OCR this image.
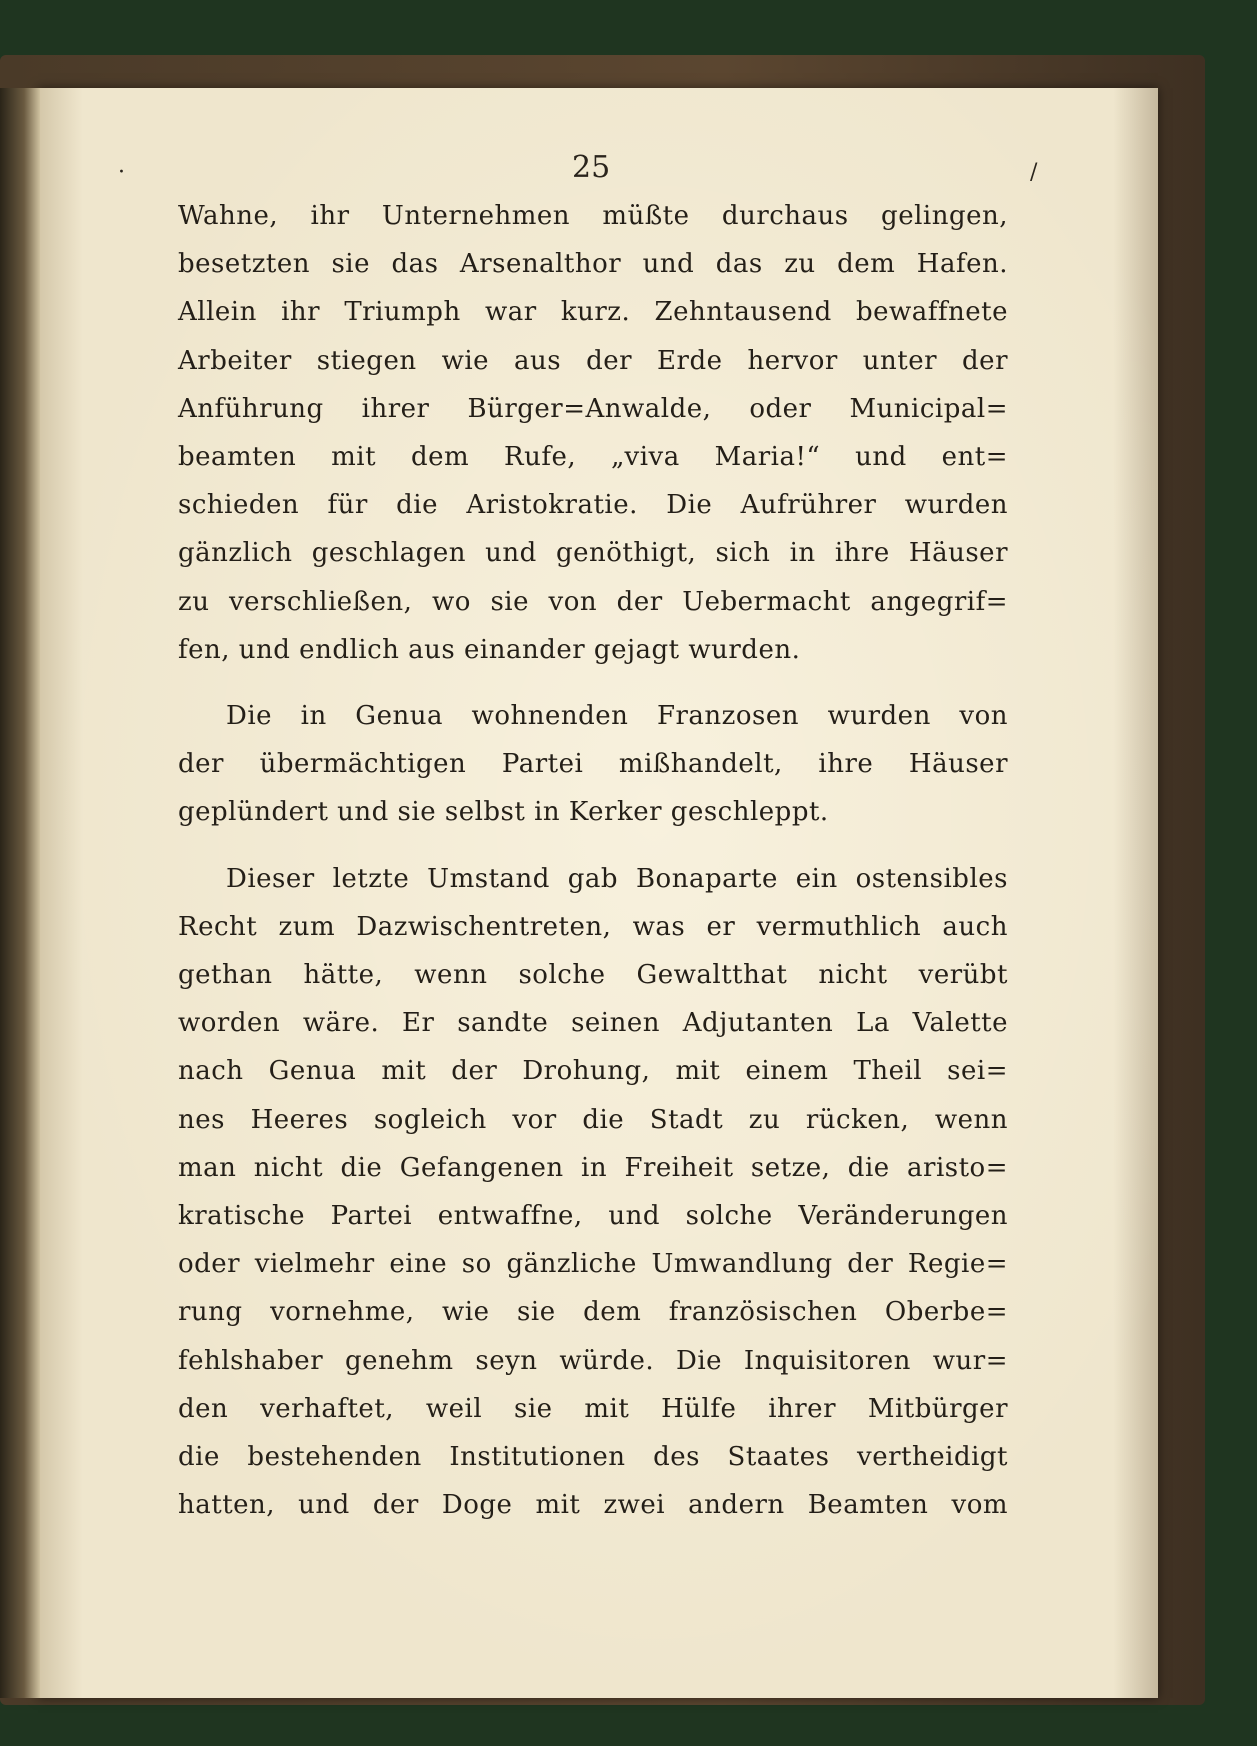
·	/
25
Wahne, ihr Unternehmen müßte durchaus gelingen,
besetzten sie das Arsenalthor und das zu dem Hafen.
Allein ihr Triumph war kurz. Zehntausend bewaffnete
Arbeiter stiegen wie aus der Erde hervor unter der
Anführung ihrer Bürger=Anwalde, oder Municipal=
beamten mit dem Rufe, „viva Maria!“ und ent=
schieden für die Aristokratie. Die Aufrührer wurden
gänzlich geschlagen und genöthigt, sich in ihre Häuser
zu verschließen, wo sie von der Uebermacht angegrif=
fen, und endlich aus einander gejagt wurden.
Die in Genua wohnenden Franzosen wurden von
der übermächtigen Partei mißhandelt, ihre Häuser
geplündert und sie selbst in Kerker geschleppt.
Dieser letzte Umstand gab Bonaparte ein ostensibles
Recht zum Dazwischentreten, was er vermuthlich auch
gethan hätte, wenn solche Gewaltthat nicht verübt
worden wäre. Er sandte seinen Adjutanten La Valette
nach Genua mit der Drohung, mit einem Theil sei=
nes Heeres sogleich vor die Stadt zu rücken, wenn
man nicht die Gefangenen in Freiheit setze, die aristo=
kratische Partei entwaffne, und solche Veränderungen
oder vielmehr eine so gänzliche Umwandlung der Regie=
rung vornehme, wie sie dem französischen Oberbe=
fehlshaber genehm seyn würde. Die Inquisitoren wur=
den verhaftet, weil sie mit Hülfe ihrer Mitbürger
die bestehenden Institutionen des Staates vertheidigt
hatten, und der Doge mit zwei andern Beamten vom
